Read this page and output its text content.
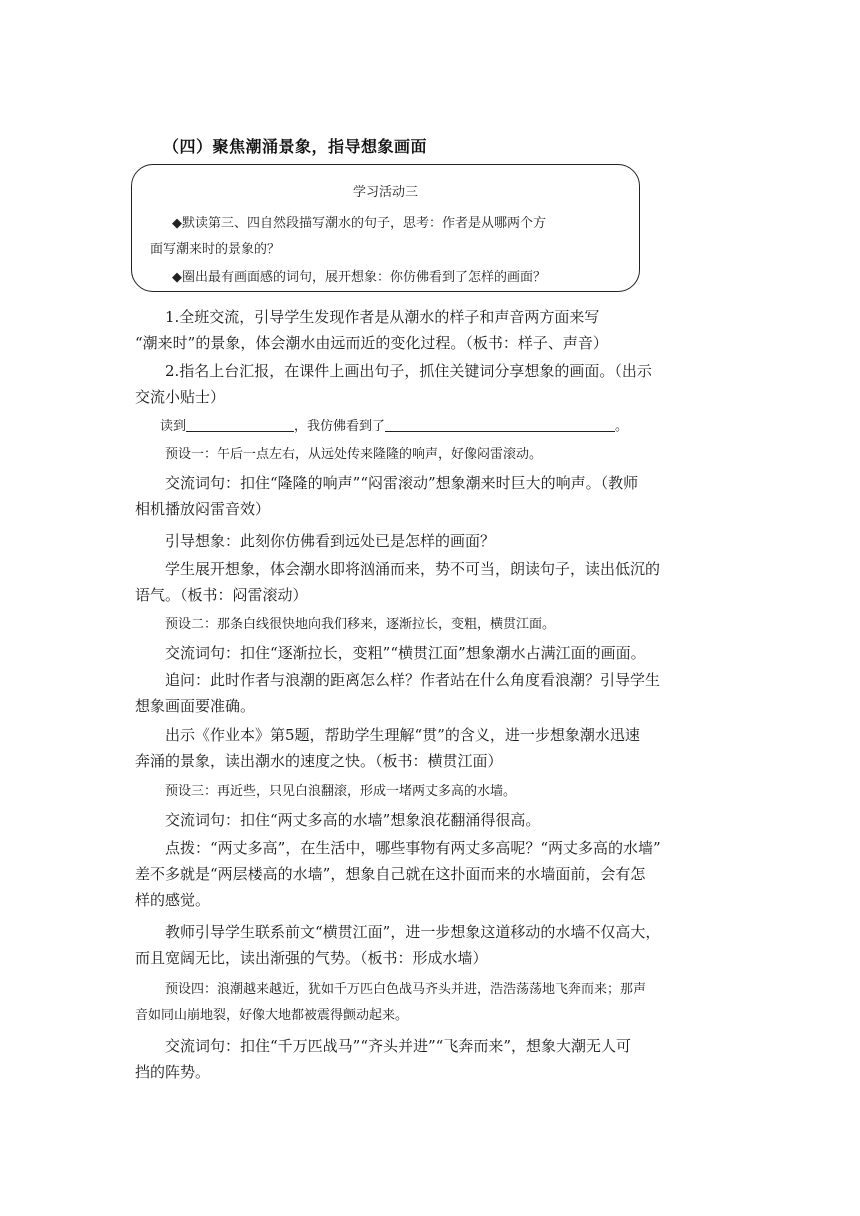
（四）聚焦潮涌景象，指导想象画面
学习活动三
◆默读第三、四自然段描写潮水的句子，思考：作者是从哪两个方
面写潮来时的景象的？
◆圈出最有画面感的词句，展开想象：你仿佛看到了怎样的画面？
1.全班交流，引导学生发现作者是从潮水的样子和声音两方面来写
“潮来时”的景象，体会潮水由远而近的变化过程。（板书：样子、声音）
2.指名上台汇报，在课件上画出句子，抓住关键词分享想象的画面。（出示
交流小贴士）
读到	，我仿佛看到了	。
预设一：午后一点左右，从远处传来隆隆的响声，好像闷雷滚动。
交流词句：扣住“隆隆的响声”“闷雷滚动”想象潮来时巨大的响声。（教师
相机播放闷雷音效）
引导想象：此刻你仿佛看到远处已是怎样的画面？
学生展开想象，体会潮水即将汹涌而来，势不可当，朗读句子，读出低沉的
语气。（板书：闷雷滚动）
预设二：那条白线很快地向我们移来，逐渐拉长，变粗，横贯江面。
交流词句：扣住“逐渐拉长，变粗”“横贯江面”想象潮水占满江面的画面。
追问：此时作者与浪潮的距离怎么样？作者站在什么角度看浪潮？引导学生
想象画面要准确。
出示《作业本》第5题，帮助学生理解“贯”的含义，进一步想象潮水迅速
奔涌的景象，读出潮水的速度之快。（板书：横贯江面）
预设三：再近些，只见白浪翻滚，形成一堵两丈多高的水墙。
交流词句：扣住“两丈多高的水墙”想象浪花翻涌得很高。
点拨：“两丈多高”，在生活中，哪些事物有两丈多高呢？“两丈多高的水墙”
差不多就是“两层楼高的水墙”，想象自己就在这扑面而来的水墙面前，会有怎
样的感觉。
教师引导学生联系前文“横贯江面”，进一步想象这道移动的水墙不仅高大，
而且宽阔无比，读出渐强的气势。（板书：形成水墙）
预设四：浪潮越来越近，犹如千万匹白色战马齐头并进，浩浩荡荡地飞奔而来；那声
音如同山崩地裂，好像大地都被震得颤动起来。
交流词句：扣住“千万匹战马”“齐头并进”“飞奔而来”，想象大潮无人可
挡的阵势。
